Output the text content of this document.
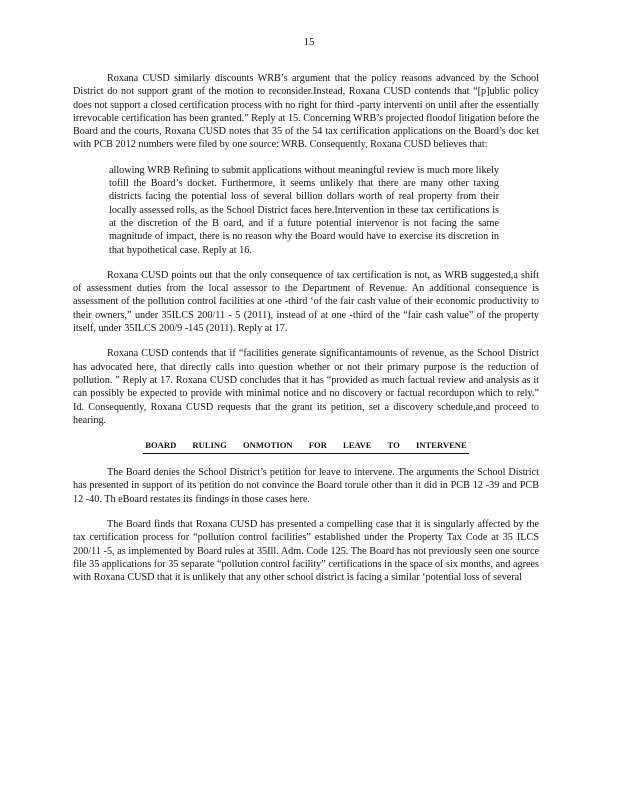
15

Roxana CUSD similarly discounts WRB’s argument that the policy reasons advanced by the School District do not support grant of the motion to reconsider.Instead, Roxana CUSD contends that “[p]ublic policy does not support a closed certification process with no right for third -party interventi on until after the essentially irrevocable certification has been granted.” Reply at 15. Concerning WRB’s projected floodof litigation before the Board and the courts, Roxana CUSD notes that 35 of the 54 tax certification applications on the Board’s doc ket with PCB 2012 numbers were filed by one source: WRB. Consequently, Roxana CUSD believes that:

allowing WRB Refining to submit applications without meaningful review is much more likely tofill the Board’s docket. Furthermore, it seems unlikely that there are many other taxing districts facing the potential loss of several billion dollars worth of real property from their locally assessed rolls, as the School District faces here.Intervention in these tax certifications is at the discretion of the B oard, and if a future potential intervenor is not facing the same magnitude of impact, there is no reason why the Board would have to exercise its discretion in that hypothetical case. Reply at 16.

Roxana CUSD points out that the only consequence of tax certification is not, as WRB suggested,a shift of assessment duties from the local assessor to the Department of Revenue. An additional consequence is assessment of the pollution control facilities at one -third ‘of the fair cash value of their economic productivity to their owners,” under 35ILCS 200/11 - 5 (2011), instead of at one -third of the “fair cash value” of the property itself, under 35ILCS 200/9 -145 (2011). Reply at 17.

Roxana CUSD contends that if “facilities generate significantamounts of revenue, as the School District has advocated here, that directly calls into question whether or not their primary purpose is the reduction of pollution. ” Reply at 17. Roxana CUSD concludes that it has “provided as much factual review and analysis as it can possibly be expected to provide with minimal notice and no discovery or factual recordupon which to rely.” Id. Consequently, Roxana CUSD requests that the grant its petition, set a discovery schedule,and proceed to hearing.

BOARD RULING ONMOTION FOR LEAVE TO INTERVENE

The Board denies the School District’s petition for leave to intervene. The arguments the School District has presented in support of its petition do not convince the Board torule other than it did in PCB 12 -39 and PCB 12 -40. Th eBoard restates its findings in those cases here.

The Board finds that Roxana CUSD has presented a compelling case that it is singularly affected by the tax certification process for “pollution control facilities” established under the Property Tax Code at 35 ILCS 200/11 -5, as implemented by Board rules at 35Ill. Adm. Code 125. The Board has not previously seen one source file 35 applications for 35 separate “pollution control facility” certifications in the space of six months, and agrees with Roxana CUSD that it is unlikely that any other school district is facing a similar ‘potential loss of several
